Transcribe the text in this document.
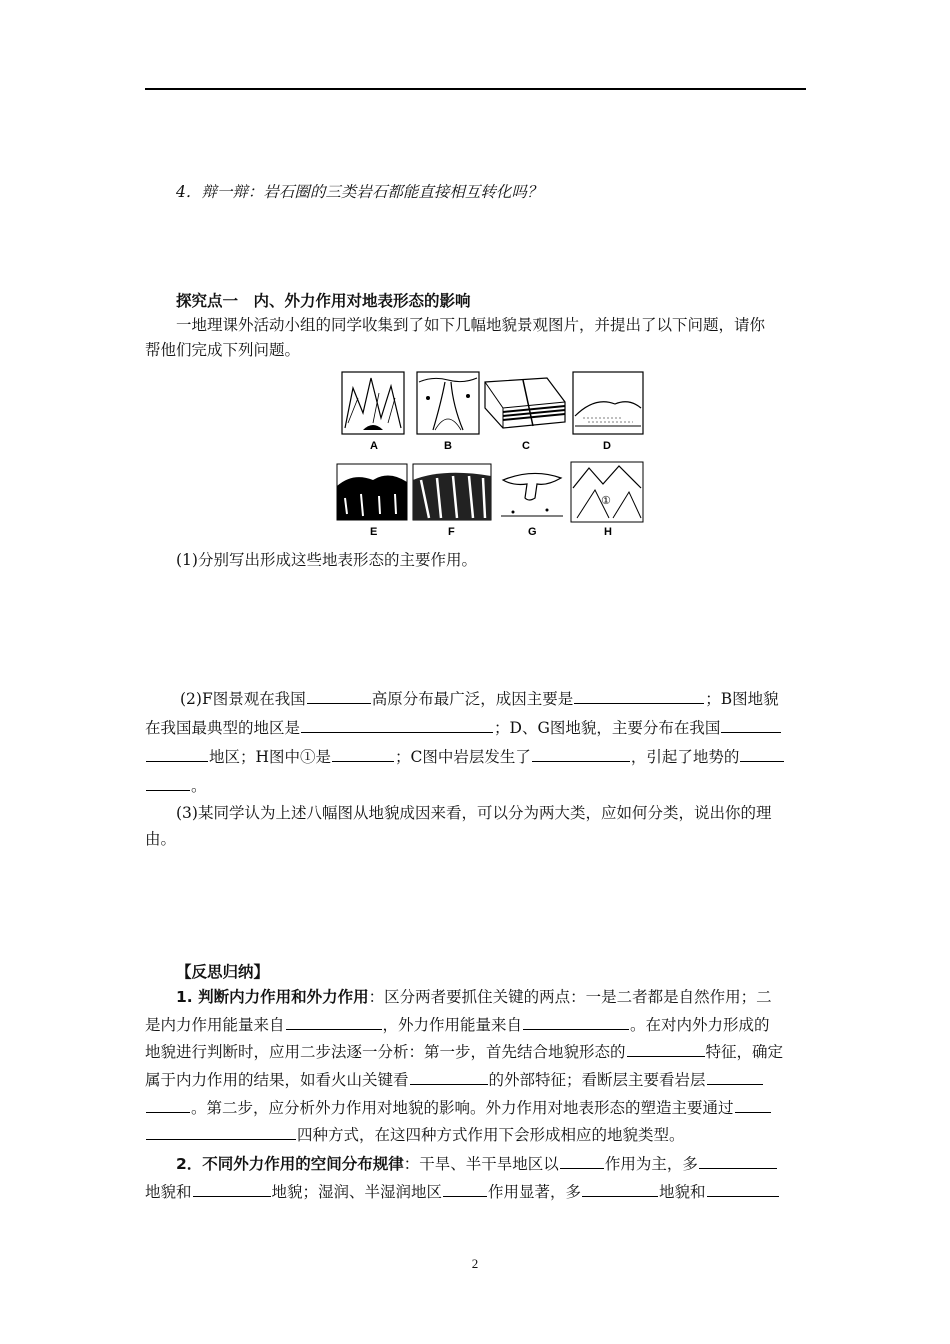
4．辩一辩：岩石圈的三类岩石都能直接相互转化吗？
探究点一　内、外力作用对地表形态的影响
一地理课外活动小组的同学收集到了如下几幅地貌景观图片，并提出了以下问题，请你
帮他们完成下列问题。
①
A	B	C	D
E	F	G	H
(1)分别写出形成这些地表形态的主要作用。
(2)F图景观在我国	高原分布最广泛，成因主要是	；B图地貌
在我国最典型的地区是	；D、G图地貌，主要分布在我国
地区；H图中①是	；C图中岩层发生了	，引起了地势的
。
(3)某同学认为上述八幅图从地貌成因来看，可以分为两大类，应如何分类，说出你的理
由。
【反思归纳】
1. 判断内力作用和外力作用：区分两者要抓住关键的两点：一是二者都是自然作用；二
是内力作用能量来自	，外力作用能量来自	。在对内外力形成的
地貌进行判断时，应用二步法逐一分析：第一步，首先结合地貌形态的	特征，确定
属于内力作用的结果，如看火山关键看	的外部特征；看断层主要看岩层
。第二步，应分析外力作用对地貌的影响。外力作用对地表形态的塑造主要通过
四种方式，在这四种方式作用下会形成相应的地貌类型。
2．不同外力作用的空间分布规律：干旱、半干旱地区以	作用为主，多
地貌和	地貌；湿润、半湿润地区	作用显著，多	地貌和
2
